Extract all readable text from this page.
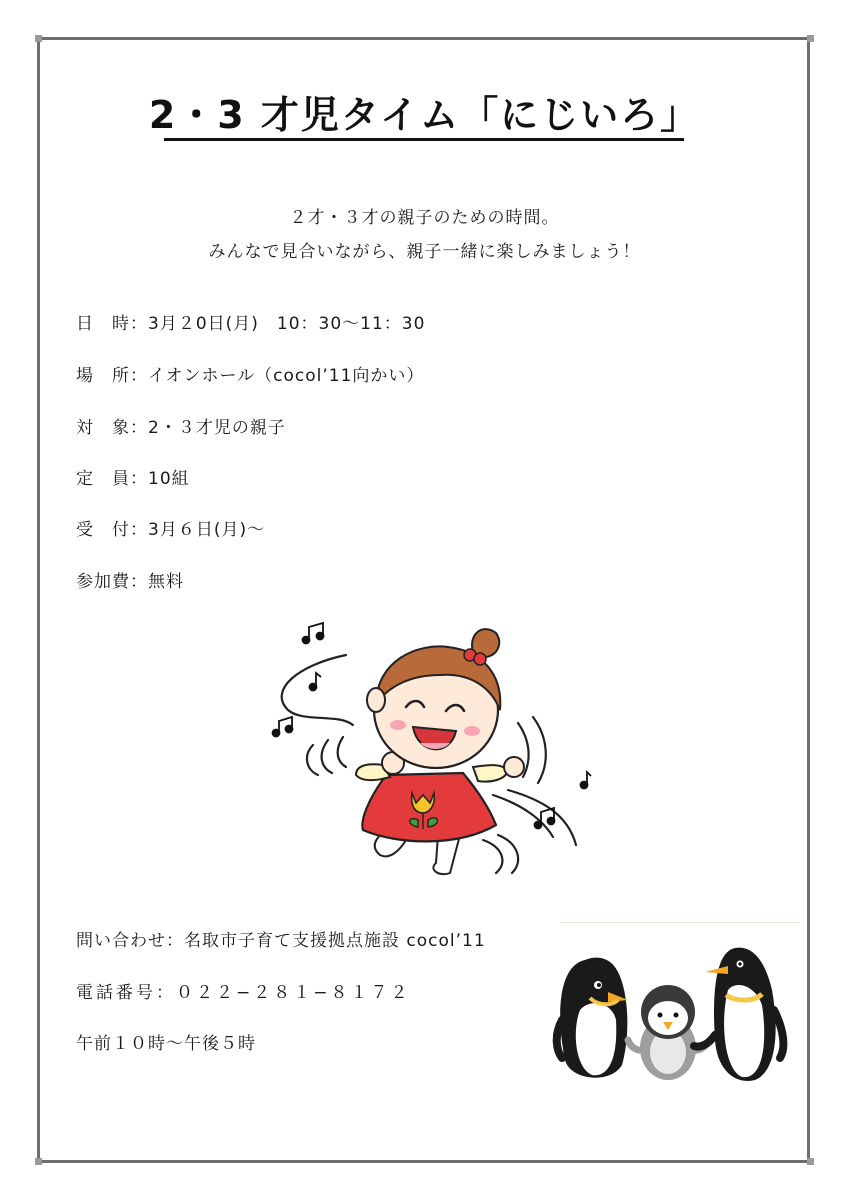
2・3 才児タイム「にじいろ」
２才・３才の親子のための時間。
みんなで見合いながら、親子一緒に楽しみましょう！
日　時：3月２0日(月)　10：30〜11：30
場　所：イオンホール（cocol’11向かい）
対　象：2・３才児の親子
定　員：10組
受　付：3月６日(月)〜
参加費：無料
問い合わせ：名取市子育て支援拠点施設 cocol’11
電話番号：０２２−２８１−８１７２
午前１０時〜午後５時
